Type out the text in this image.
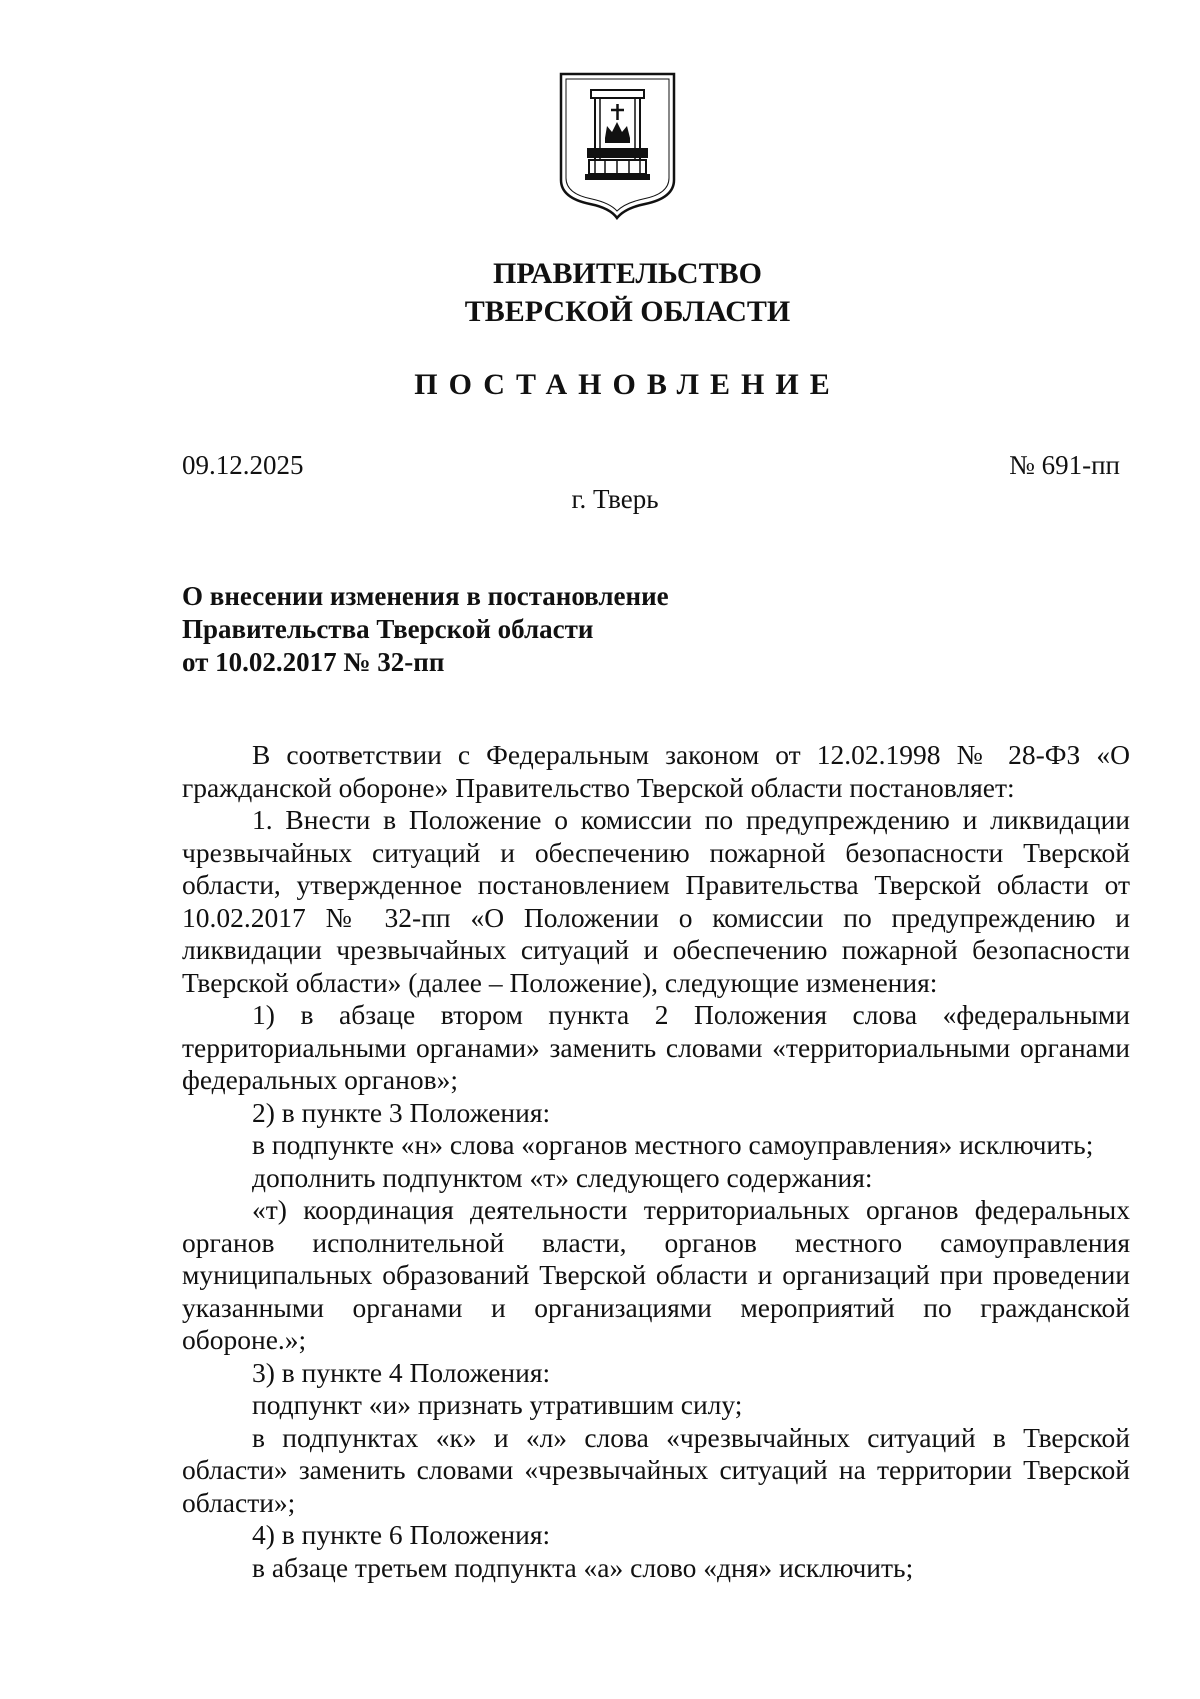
ПРАВИТЕЛЬСТВО
ТВЕРСКОЙ ОБЛАСТИ
ПОСТАНОВЛЕНИЕ
09.12.2025	№ 691-пп
г. Тверь
О внесении изменения в постановление
Правительства Тверской области
от 10.02.2017 № 32-пп

В соответствии с Федеральным законом от 12.02.1998 № 28-ФЗ «О гражданской обороне» Правительство Тверской области постановляет:

1. Внести в Положение о комиссии по предупреждению и ликвидации чрезвычайных ситуаций и обеспечению пожарной безопасности Тверской области, утвержденное постановлением Правительства Тверской области от 10.02.2017 № 32-пп «О Положении о комиссии по предупреждению и ликвидации чрезвычайных ситуаций и обеспечению пожарной безопасности Тверской области» (далее – Положение), следующие изменения:

1) в абзаце втором пункта 2 Положения слова «федеральными территориальными органами» заменить словами «территориальными органами федеральных органов»;

2) в пункте 3 Положения:

в подпункте «н» слова «органов местного самоуправления» исключить;

дополнить подпунктом «т» следующего содержания:

«т) координация деятельности территориальных органов федеральных органов исполнительной власти, органов местного самоуправления муниципальных образований Тверской области и организаций при проведении указанными органами и организациями мероприятий по гражданской обороне.»;

3) в пункте 4 Положения:

подпункт «и» признать утратившим силу;

в подпунктах «к» и «л» слова «чрезвычайных ситуаций в Тверской области» заменить словами «чрезвычайных ситуаций на территории Тверской области»;

4) в пункте 6 Положения:

в абзаце третьем подпункта «а» слово «дня» исключить;
